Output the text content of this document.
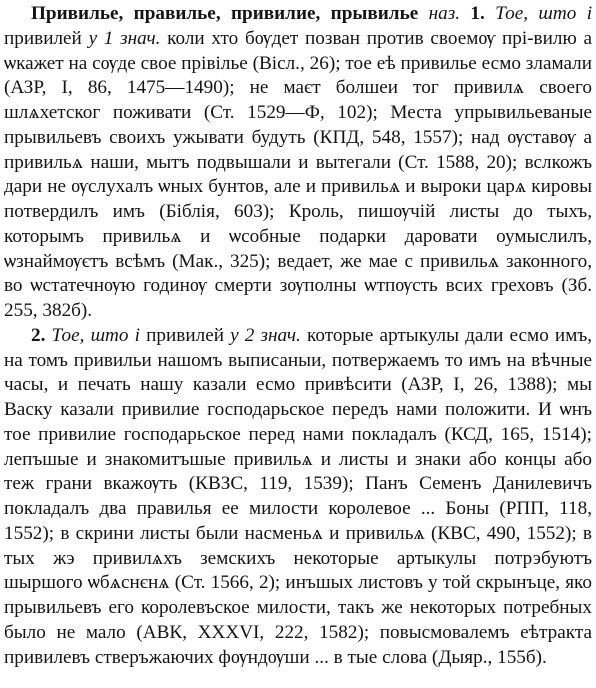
Привилье, правилье, привилие, прывилье наз. 1. Тое, што і привилей у 1 знач. коли хто бѹдет позван против своемѹ прі-вилю а ѡкажет на сѹде свое прівілье (Вісл., 26); тое еѣ привилье есмо зламали (АЗР, I, 86, 1475—1490); не маєт болшеи тог привилѧ своего шлѧхетског поживати (Ст. 1529—Ф, 102); Места упрывильеваные прывильевъ своихъ ужывати будуть (КПД, 548, 1557); над ѹставѹ а привильѧ наши, мытъ подвышали и вытегали (Ст. 1588, 20); вслкожъ дари не ѹслухалъ ѡных бунтов, але и привильѧ и выроки царѧ кировы потвердилъ имъ (Біблія, 603); Кроль, пишѹчій листы до тыхъ, которымъ привильѧ и ѡсобные подарки даровати оумыслилъ, ѡзнаймѹєтъ всѣмъ (Мак., 325); ведает, же мае с привильѧ законного, во ѡстатечнѹю годинѹ смерти зѹполны ѡтпѹсть всих греховъ (Зб. 255, 382б).

2. Тое, што і привилей у 2 знач. которые артыкулы дали есмо имъ, на томъ привильи нашомъ выписаныи, потвержаемъ то имъ на вѣчные часы, и печать нашу казали есмо привѣсити (АЗР, I, 26, 1388); мы Васку казали привилие господарьское передъ нами положити. И ѡнъ тое привилие господарьское перед нами покладалъ (КСД, 165, 1514); лепъшые и знакомитъшые привильѧ и листы и знаки або концы або теж грани вкажѹть (КВЗС, 119, 1539); Панъ Семенъ Данилевичъ покладалъ два правилья ее милости королевое ... Боны (РПП, 118, 1552); в скрини листы были насменьѧ и привильѧ (КВС, 490, 1552); в тых жэ привилѧхъ земскихъ некоторые артыкулы потрэбуютъ шыршого ѡбѧснєнѧ (Ст. 1566, 2); инъшых листовъ у той скрынъце, яко прывильевъ его королевъское милости, такъ же некоторых потребных было не мало (АВК, XXXVI, 222, 1582); повысмовалемъ еѣтракта привилевъ стверъжаючих фѹндѹши ... в тые слова (Дыяр., 155б).
